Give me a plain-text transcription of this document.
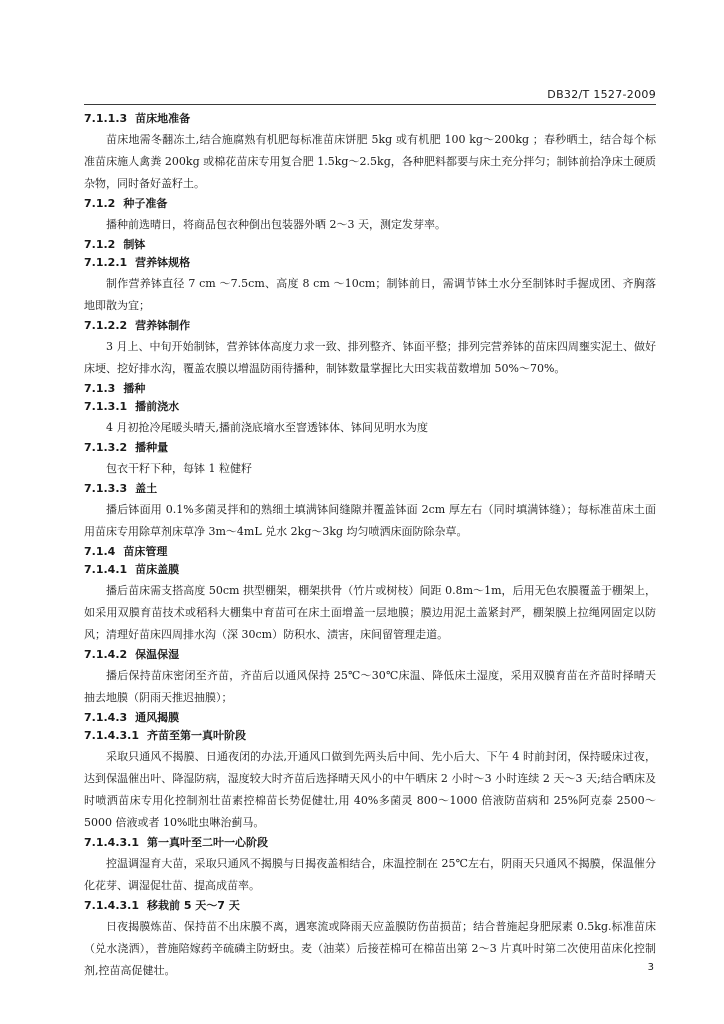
DB32/T 1527-2009
7.1.1.3 苗床地准备

苗床地需冬翻冻土,结合施腐熟有机肥每标准苗床饼肥 5kg 或有机肥 100 kg～200kg ；春秒晒土，结合每个标准苗床施人禽粪 200kg 或棉花苗床专用复合肥 1.5kg～2.5kg，各种肥料都要与床土充分拌匀；制钵前拾净床土硬质杂物，同时备好盖籽土。

7.1.2 种子准备

播种前选晴日，将商品包衣种倒出包装器外晒 2～3 天，测定发芽率。

7.1.2 制钵
7.1.2.1 营养钵规格

制作营养钵直径 7 cm ～7.5cm、高度 8 cm ～10cm；制钵前日，需调节钵土水分至制钵时手握成团、齐胸落地即散为宜；

7.1.2.2 营养钵制作

3 月上、中旬开始制钵，营养钵体高度力求一致、排列整齐、钵面平整；排列完营养钵的苗床四周壅实泥土、做好床埂、挖好排水沟，覆盖农膜以增温防雨待播种，制钵数量掌握比大田实栽苗数增加 50%～70%。

7.1.3 播种
7.1.3.1 播前浇水

4 月初抢冷尾暖头晴天,播前浇底墒水至窨透钵体、钵间见明水为度

7.1.3.2 播种量

包衣干籽下种，每钵 1 粒健籽

7.1.3.3 盖土

播后钵面用 0.1%多菌灵拌和的熟细土填满钵间缝隙并覆盖钵面 2cm 厚左右（同时填满钵缝）；每标准苗床土面用苗床专用除草剂床草净 3m～4mL 兑水 2kg～3kg 均匀喷洒床面防除杂草。

7.1.4 苗床管理
7.1.4.1 苗床盖膜

播后苗床需支搭高度 50cm 拱型棚架，棚架拱骨（竹片或树枝）间距 0.8m～1m，后用无色农膜覆盖于棚架上，如采用双膜育苗技术或稻科大棚集中育苗可在床土面增盖一层地膜；膜边用泥土盖紧封严，棚架膜上拉绳网固定以防风；清理好苗床四周排水沟（深 30cm）防积水、渍害，床间留管理走道。

7.1.4.2 保温保湿

播后保持苗床密闭至齐苗，齐苗后以通风保持 25℃～30℃床温、降低床土湿度，采用双膜育苗在齐苗时择晴天抽去地膜（阴雨天推迟抽膜）；

7.1.4.3 通风揭膜
7.1.4.3.1 齐苗至第一真叶阶段

采取只通风不揭膜、日通夜闭的办法,开通风口做到先两头后中间、先小后大、下午 4 时前封闭，保持暖床过夜，达到保温催出叶、降湿防病，湿度较大时齐苗后选择晴天风小的中午晒床 2 小时～3 小时连续 2 天～3 天;结合晒床及时喷洒苗床专用化控制剂壮苗素控棉苗长势促健壮,用 40%多菌灵 800～1000 倍液防苗病和 25%阿克泰 2500～5000 倍液或者 10%吡虫啉治蓟马。

7.1.4.3.1 第一真叶至二叶一心阶段

控温调湿育大苗，采取只通风不揭膜与日揭夜盖相结合，床温控制在 25℃左右，阴雨天只通风不揭膜，保温催分化花芽、调湿促壮苗、提高成苗率。

7.1.4.3.1 移栽前 5 天～7 天

日夜揭膜炼苗、保持苗不出床膜不离，遇寒流或降雨天应盖膜防伤苗损苗；结合普施起身肥尿素 0.5kg.标准苗床（兑水浇洒），普施陪嫁药辛硫磷主防蚜虫。麦（油菜）后接茬棉可在棉苗出第 2～3 片真叶时第二次使用苗床化控制剂,控苗高促健壮。	3
